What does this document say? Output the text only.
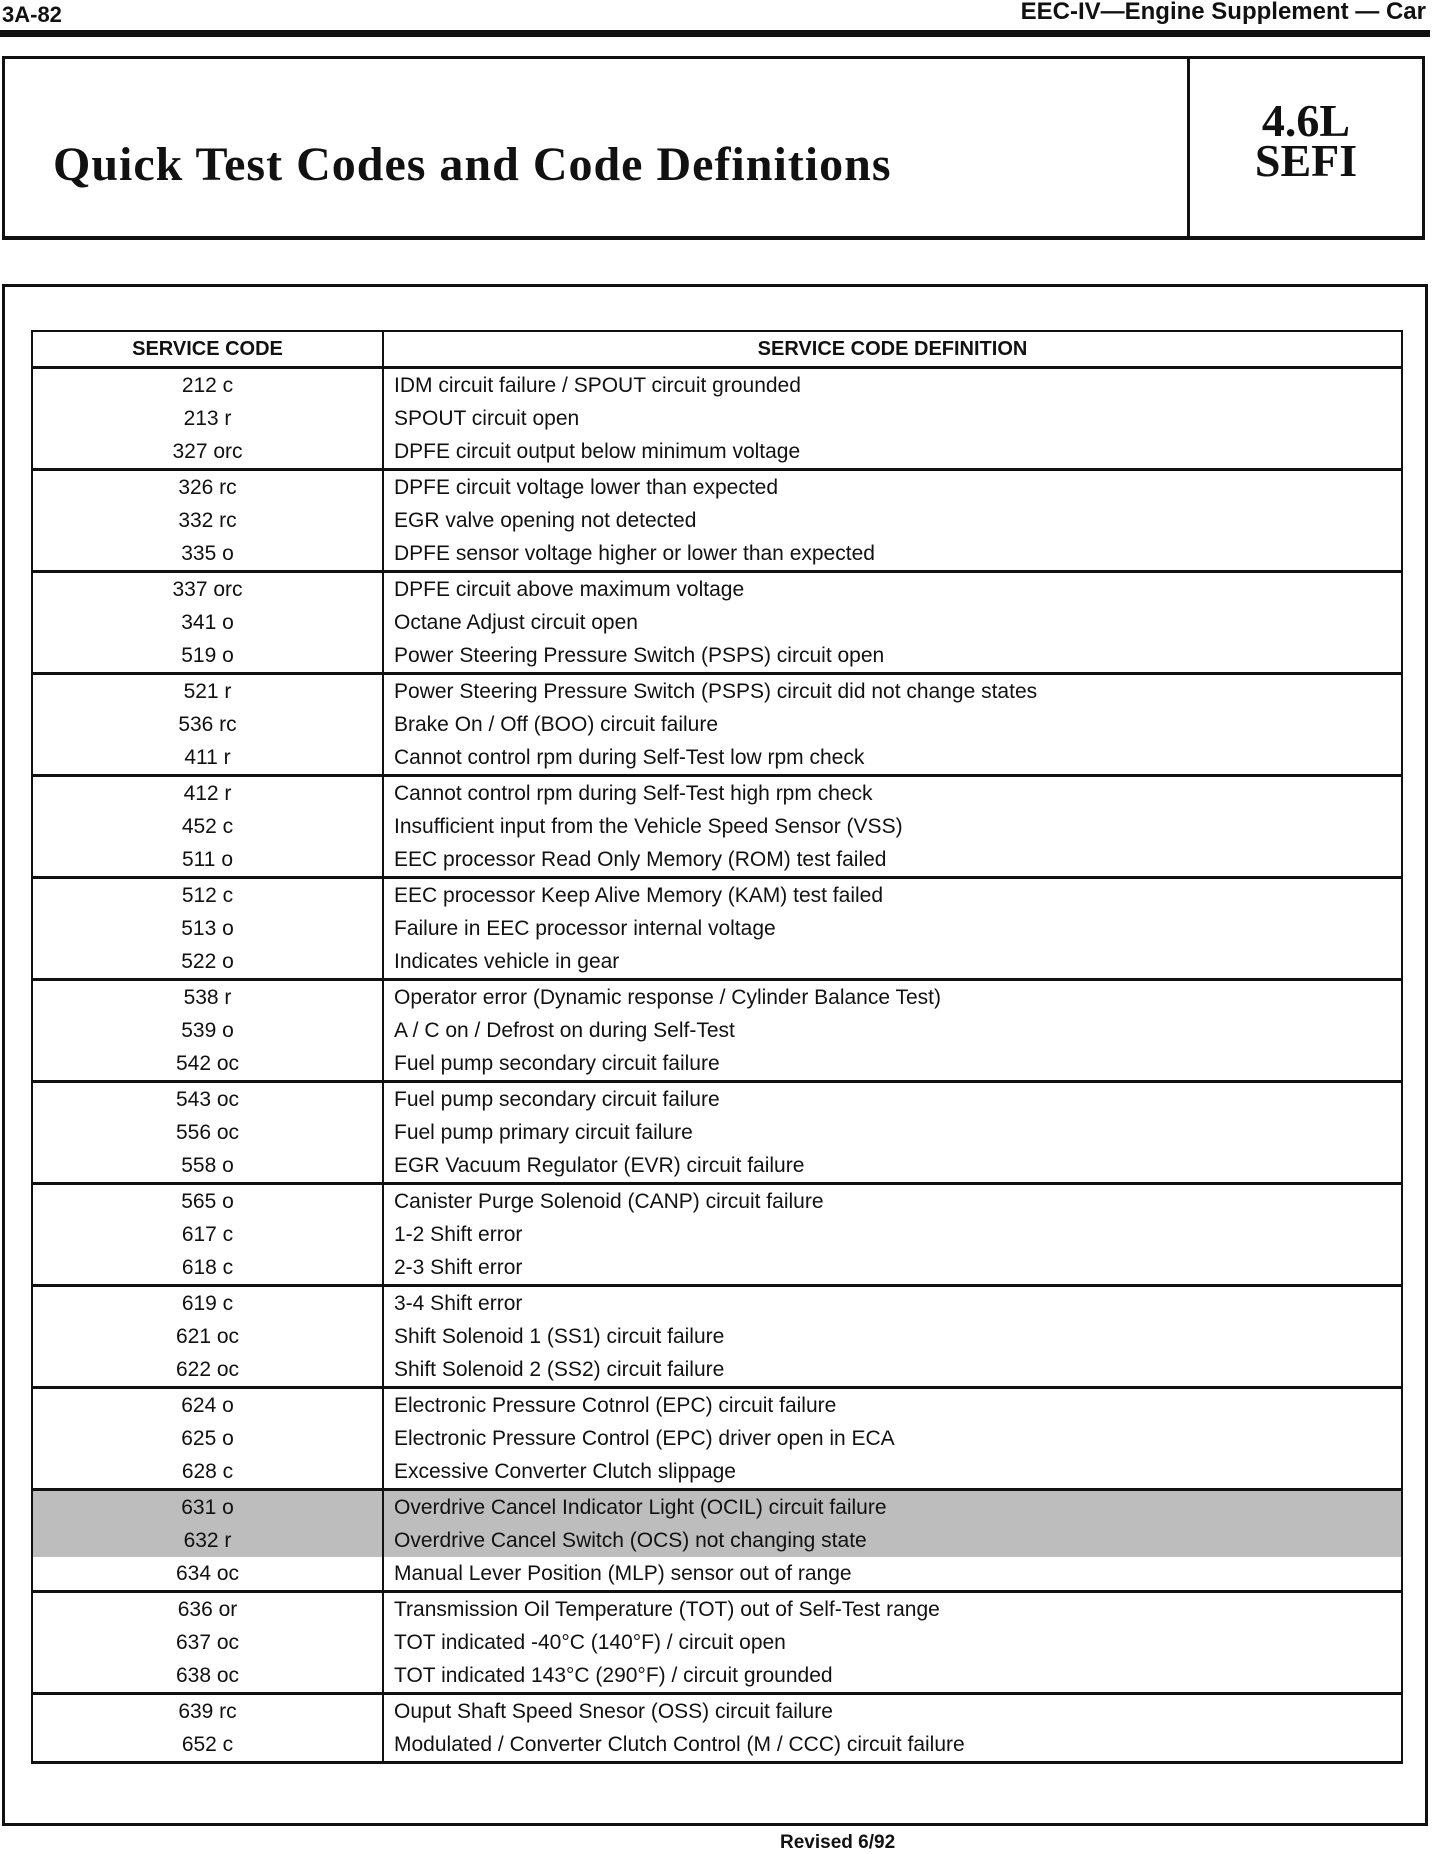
3A-82	EEC-IV—Engine Supplement — Car
Quick Test Codes and Code Definitions
4.6L
SEFI
SERVICE CODE	SERVICE CODE DEFINITION
212 c	IDM circuit failure / SPOUT circuit grounded
213 r	SPOUT circuit open
327 orc	DPFE circuit output below minimum voltage
326 rc	DPFE circuit voltage lower than expected
332 rc	EGR valve opening not detected
335 o	DPFE sensor voltage higher or lower than expected
337 orc	DPFE circuit above maximum voltage
341 o	Octane Adjust circuit open
519 o	Power Steering Pressure Switch (PSPS) circuit open
521 r	Power Steering Pressure Switch (PSPS) circuit did not change states
536 rc	Brake On / Off (BOO) circuit failure
411 r	Cannot control rpm during Self-Test low rpm check
412 r	Cannot control rpm during Self-Test high rpm check
452 c	Insufficient input from the Vehicle Speed Sensor (VSS)
511 o	EEC processor Read Only Memory (ROM) test failed
512 c	EEC processor Keep Alive Memory (KAM) test failed
513 o	Failure in EEC processor internal voltage
522 o	Indicates vehicle in gear
538 r	Operator error (Dynamic response / Cylinder Balance Test)
539 o	A / C on / Defrost on during Self-Test
542 oc	Fuel pump secondary circuit failure
543 oc	Fuel pump secondary circuit failure
556 oc	Fuel pump primary circuit failure
558 o	EGR Vacuum Regulator (EVR) circuit failure
565 o	Canister Purge Solenoid (CANP) circuit failure
617 c	1-2 Shift error
618 c	2-3 Shift error
619 c	3-4 Shift error
621 oc	Shift Solenoid 1 (SS1) circuit failure
622 oc	Shift Solenoid 2 (SS2) circuit failure
624 o	Electronic Pressure Cotnrol (EPC) circuit failure
625 o	Electronic Pressure Control (EPC) driver open in ECA
628 c	Excessive Converter Clutch slippage
631 o	Overdrive Cancel Indicator Light (OCIL) circuit failure
632 r	Overdrive Cancel Switch (OCS) not changing state
634 oc	Manual Lever Position (MLP) sensor out of range
636 or	Transmission Oil Temperature (TOT) out of Self-Test range
637 oc	TOT indicated -40°C (140°F) / circuit open
638 oc	TOT indicated 143°C (290°F) / circuit grounded
639 rc	Ouput Shaft Speed Snesor (OSS) circuit failure
652 c	Modulated / Converter Clutch Control (M / CCC) circuit failure
Revised 6/92
